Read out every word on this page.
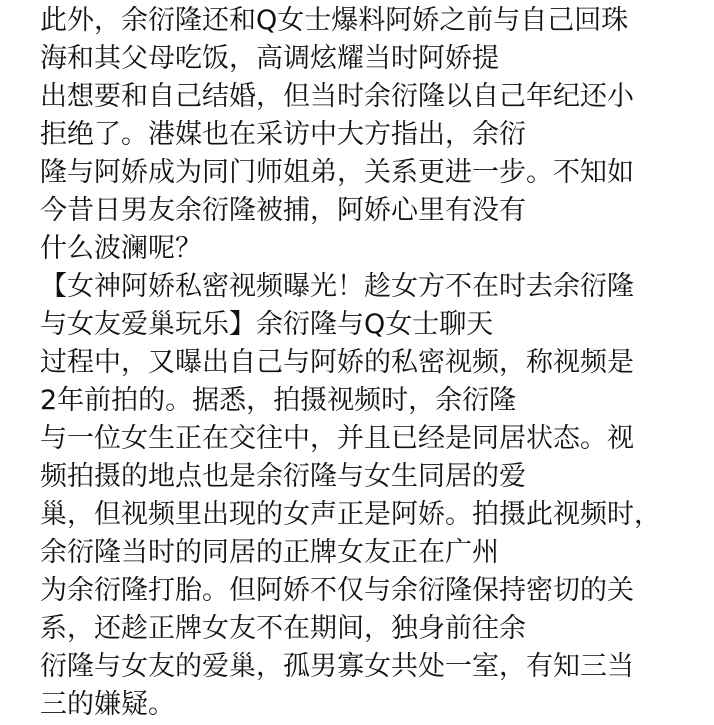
此外，余衍隆还和Q女士爆料阿娇之前与自己回珠
海和其父母吃饭，高调炫耀当时阿娇提
出想要和自己结婚，但当时余衍隆以自己年纪还小
拒绝了。港媒也在采访中大方指出，余衍
隆与阿娇成为同门师姐弟，关系更进一步。不知如
今昔日男友余衍隆被捕，阿娇心里有没有
什么波澜呢？
【女神阿娇私密视频曝光！趁女方不在时去余衍隆
与女友爱巢玩乐】余衍隆与Q女士聊天
过程中，又曝出自己与阿娇的私密视频，称视频是
2年前拍的。据悉，拍摄视频时，余衍隆
与一位女生正在交往中，并且已经是同居状态。视
频拍摄的地点也是余衍隆与女生同居的爱
巢，但视频里出现的女声正是阿娇。拍摄此视频时，
余衍隆当时的同居的正牌女友正在广州
为余衍隆打胎。但阿娇不仅与余衍隆保持密切的关
系，还趁正牌女友不在期间，独身前往余
衍隆与女友的爱巢，孤男寡女共处一室，有知三当
三的嫌疑。
